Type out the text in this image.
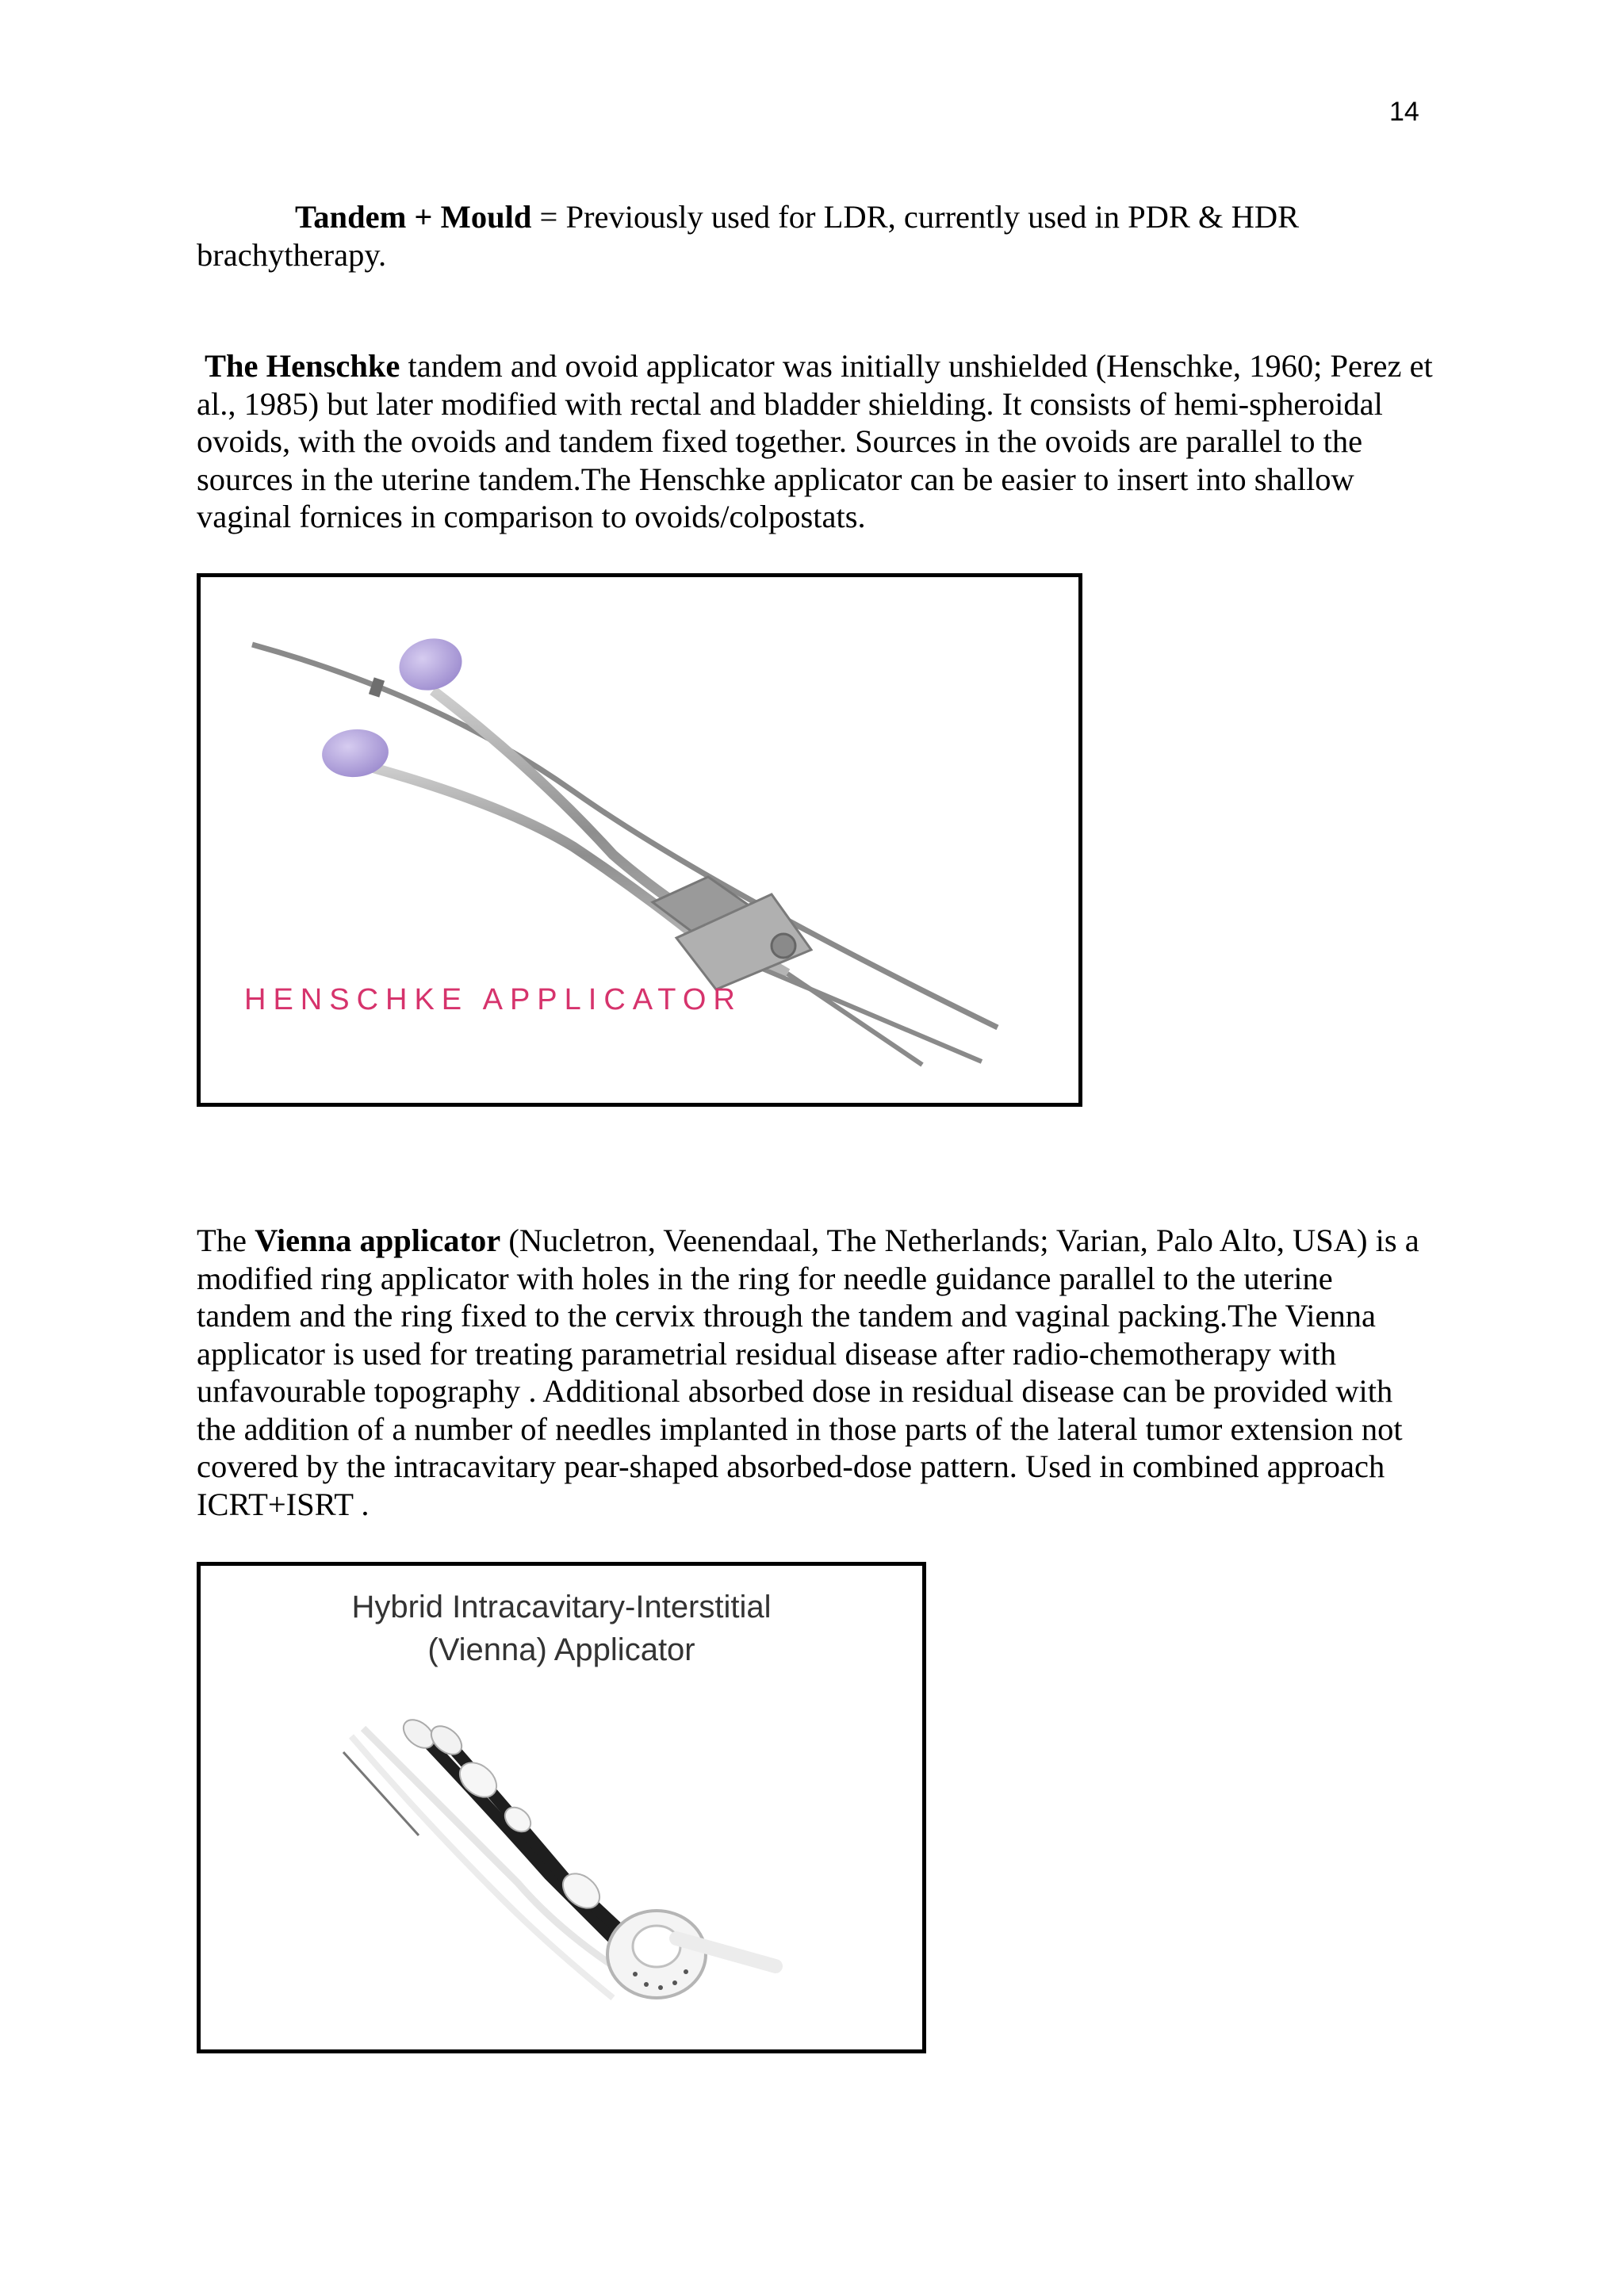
14

Tandem + Mould = Previously used for LDR, currently used in PDR & HDR brachytherapy.

The Henschke tandem and ovoid applicator was initially unshielded (Henschke, 1960; Perez et al., 1985) but later modified with rectal and bladder shielding. It consists of hemi-spheroidal ovoids, with the ovoids and tandem fixed together. Sources in the ovoids are parallel to the sources in the uterine tandem.The Henschke applicator can be easier to insert into shallow vaginal fornices in comparison to ovoids/colpostats.

HENSCHKE APPLICATOR

The Vienna applicator (Nucletron, Veenendaal, The Netherlands; Varian, Palo Alto, USA) is a modified ring applicator with holes in the ring for needle guidance parallel to the uterine tandem and the ring fixed to the cervix through the tandem and vaginal packing.The Vienna applicator is used for treating parametrial residual disease after radio-chemotherapy with unfavourable topography . Additional absorbed dose in residual disease can be provided with the addition of a number of needles implanted in those parts of the lateral tumor extension not covered by the intracavitary pear-shaped absorbed-dose pattern. Used in combined approach ICRT+ISRT .

Hybrid Intracavitary-Interstitial

(Vienna) Applicator
